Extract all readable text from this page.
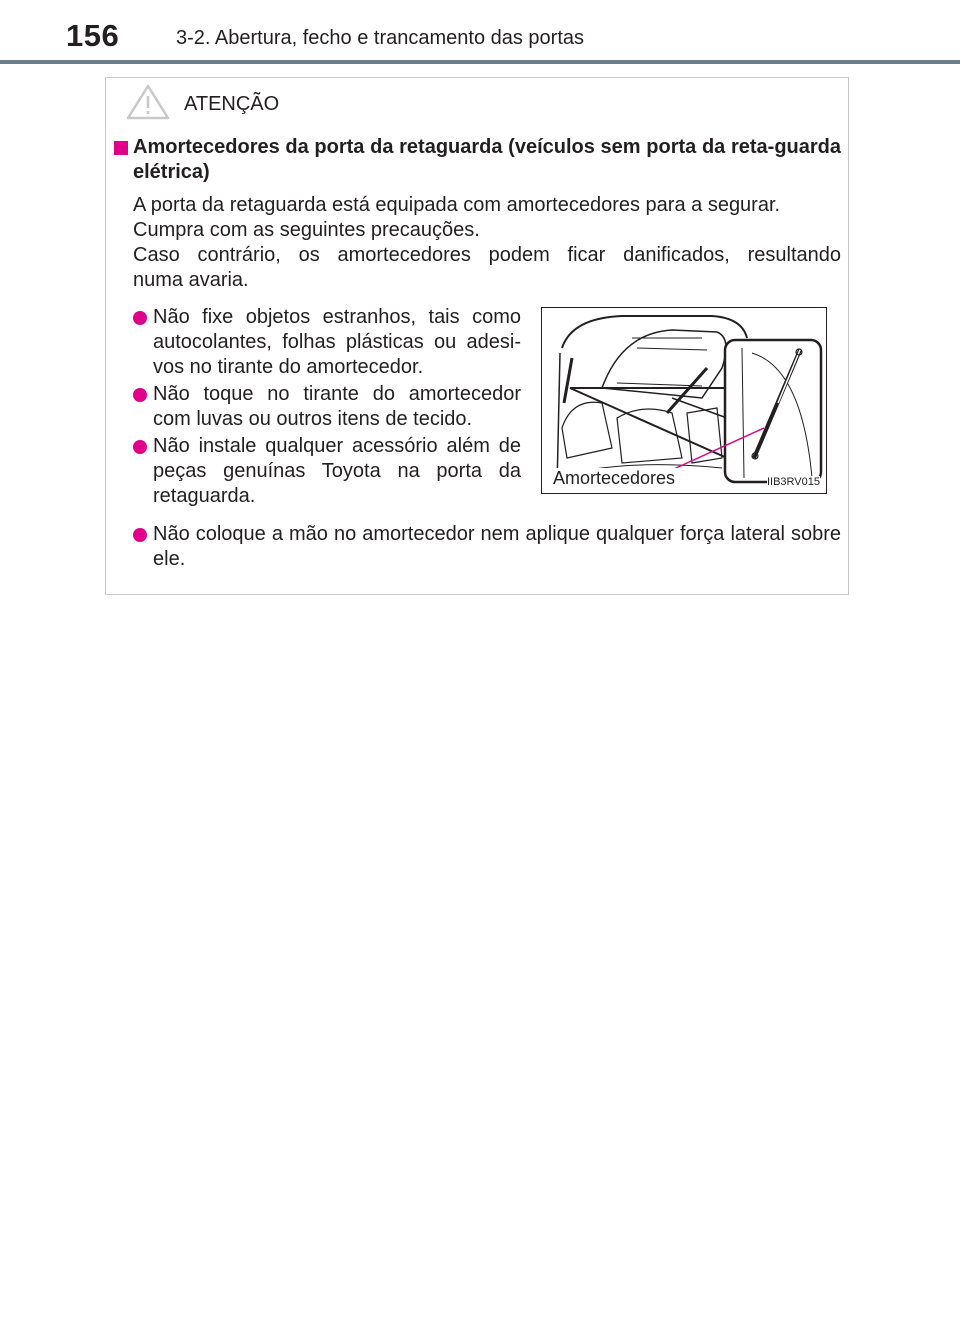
156	3-2. Abertura, fecho e trancamento das portas
ATENÇÃO
Amortecedores da porta da retaguarda (veículos sem porta da reta-guarda elétrica)
A porta da retaguarda está equipada com amortecedores para a segurar.
Cumpra com as seguintes precauções.
Caso contrário, os amortecedores podem ficar danificados, resultando
numa avaria.
Não fixe objetos estranhos, tais como autocolantes, folhas plásticas ou adesi-vos no tirante do amortecedor.
Não toque no tirante do amortecedor com luvas ou outros itens de tecido.
Não instale qualquer acessório além de peças genuínas Toyota na porta da retaguarda.
Não coloque a mão no amortecedor nem aplique qualquer força lateral sobre ele.
Amortecedores	IIB3RV015
